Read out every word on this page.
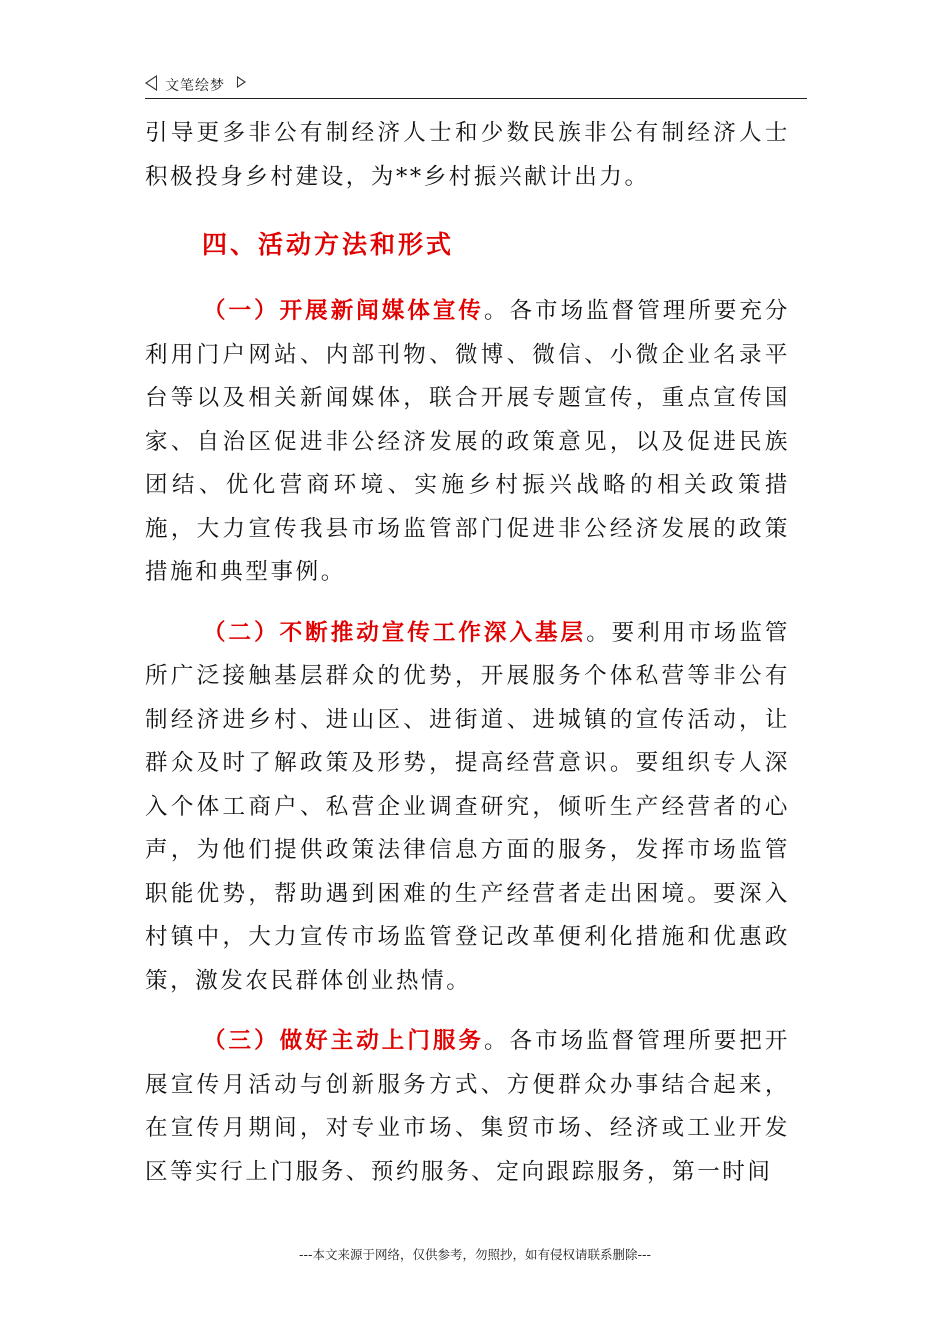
文笔绘梦

引导更多非公有制经济人士和少数民族非公有制经济人士积极投身乡村建设，为**乡村振兴献计出力。

四、活动方法和形式

（一）开展新闻媒体宣传。各市场监督管理所要充分利用门户网站、内部刊物、微博、微信、小微企业名录平台等以及相关新闻媒体，联合开展专题宣传，重点宣传国家、自治区促进非公经济发展的政策意见，以及促进民族团结、优化营商环境、实施乡村振兴战略的相关政策措施，大力宣传我县市场监管部门促进非公经济发展的政策措施和典型事例。

（二）不断推动宣传工作深入基层。要利用市场监管所广泛接触基层群众的优势，开展服务个体私营等非公有制经济进乡村、进山区、进街道、进城镇的宣传活动，让群众及时了解政策及形势，提高经营意识。要组织专人深入个体工商户、私营企业调查研究，倾听生产经营者的心声，为他们提供政策法律信息方面的服务，发挥市场监管职能优势，帮助遇到困难的生产经营者走出困境。要深入村镇中，大力宣传市场监管登记改革便利化措施和优惠政策，激发农民群体创业热情。

（三）做好主动上门服务。各市场监督管理所要把开展宣传月活动与创新服务方式、方便群众办事结合起来，在宣传月期间，对专业市场、集贸市场、经济或工业开发区等实行上门服务、预约服务、定向跟踪服务，第一时间

---本文来源于网络，仅供参考，勿照抄，如有侵权请联系删除---
